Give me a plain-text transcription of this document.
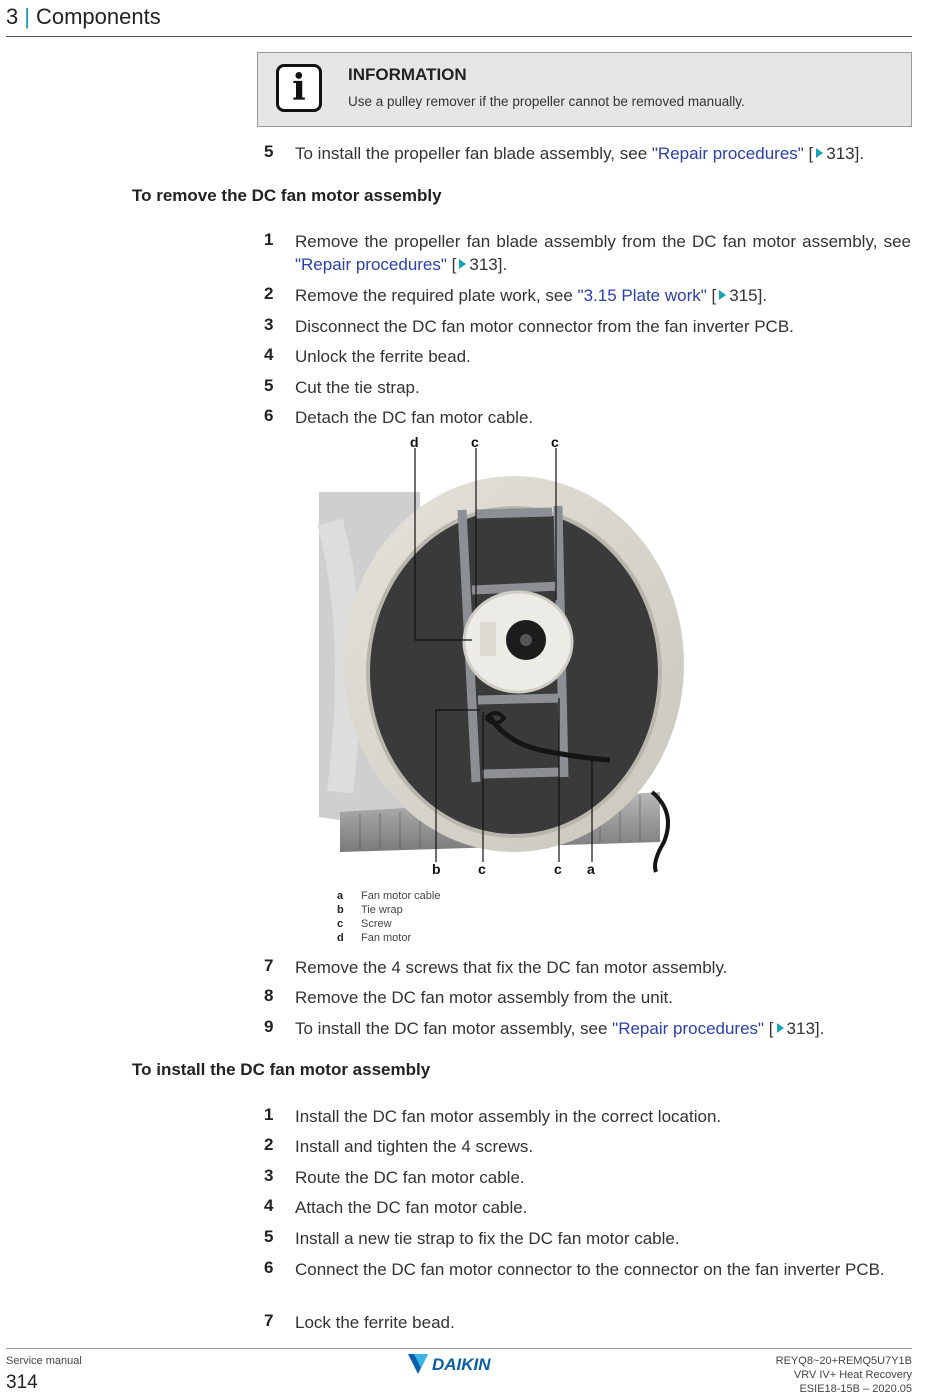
3 | Components
i	INFORMATION
Use a pulley remover if the propeller cannot be removed manually.
5	To install the propeller fan blade assembly, see "Repair procedures" [ 313].
To remove the DC fan motor assembly
1	Remove the propeller fan blade assembly from the DC fan motor assembly, see "Repair procedures" [ 313].
2	Remove the required plate work, see "3.15 Plate work" [ 315].
3	Disconnect the DC fan motor connector from the fan inverter PCB.
4	Unlock the ferrite bead.
5	Cut the tie strap.
6	Detach the DC fan motor cable.
d	c	c
b	c	c a
a	Fan motor cable
b	Tie wrap
c	Screw
d	Fan motor
7	Remove the 4 screws that fix the DC fan motor assembly.
8	Remove the DC fan motor assembly from the unit.
9	To install the DC fan motor assembly, see "Repair procedures" [ 313].
To install the DC fan motor assembly
1	Install the DC fan motor assembly in the correct location.
2	Install and tighten the 4 screws.
3	Route the DC fan motor cable.
4	Attach the DC fan motor cable.
5	Install a new tie strap to fix the DC fan motor cable.
6	Connect the DC fan motor connector to the connector on the fan inverter PCB.
7	Lock the ferrite bead.
Service manual
314
DAIKIN	REYQ8~20+REMQ5U7Y1B
VRV IV+ Heat Recovery
ESIE18-15B – 2020.05
